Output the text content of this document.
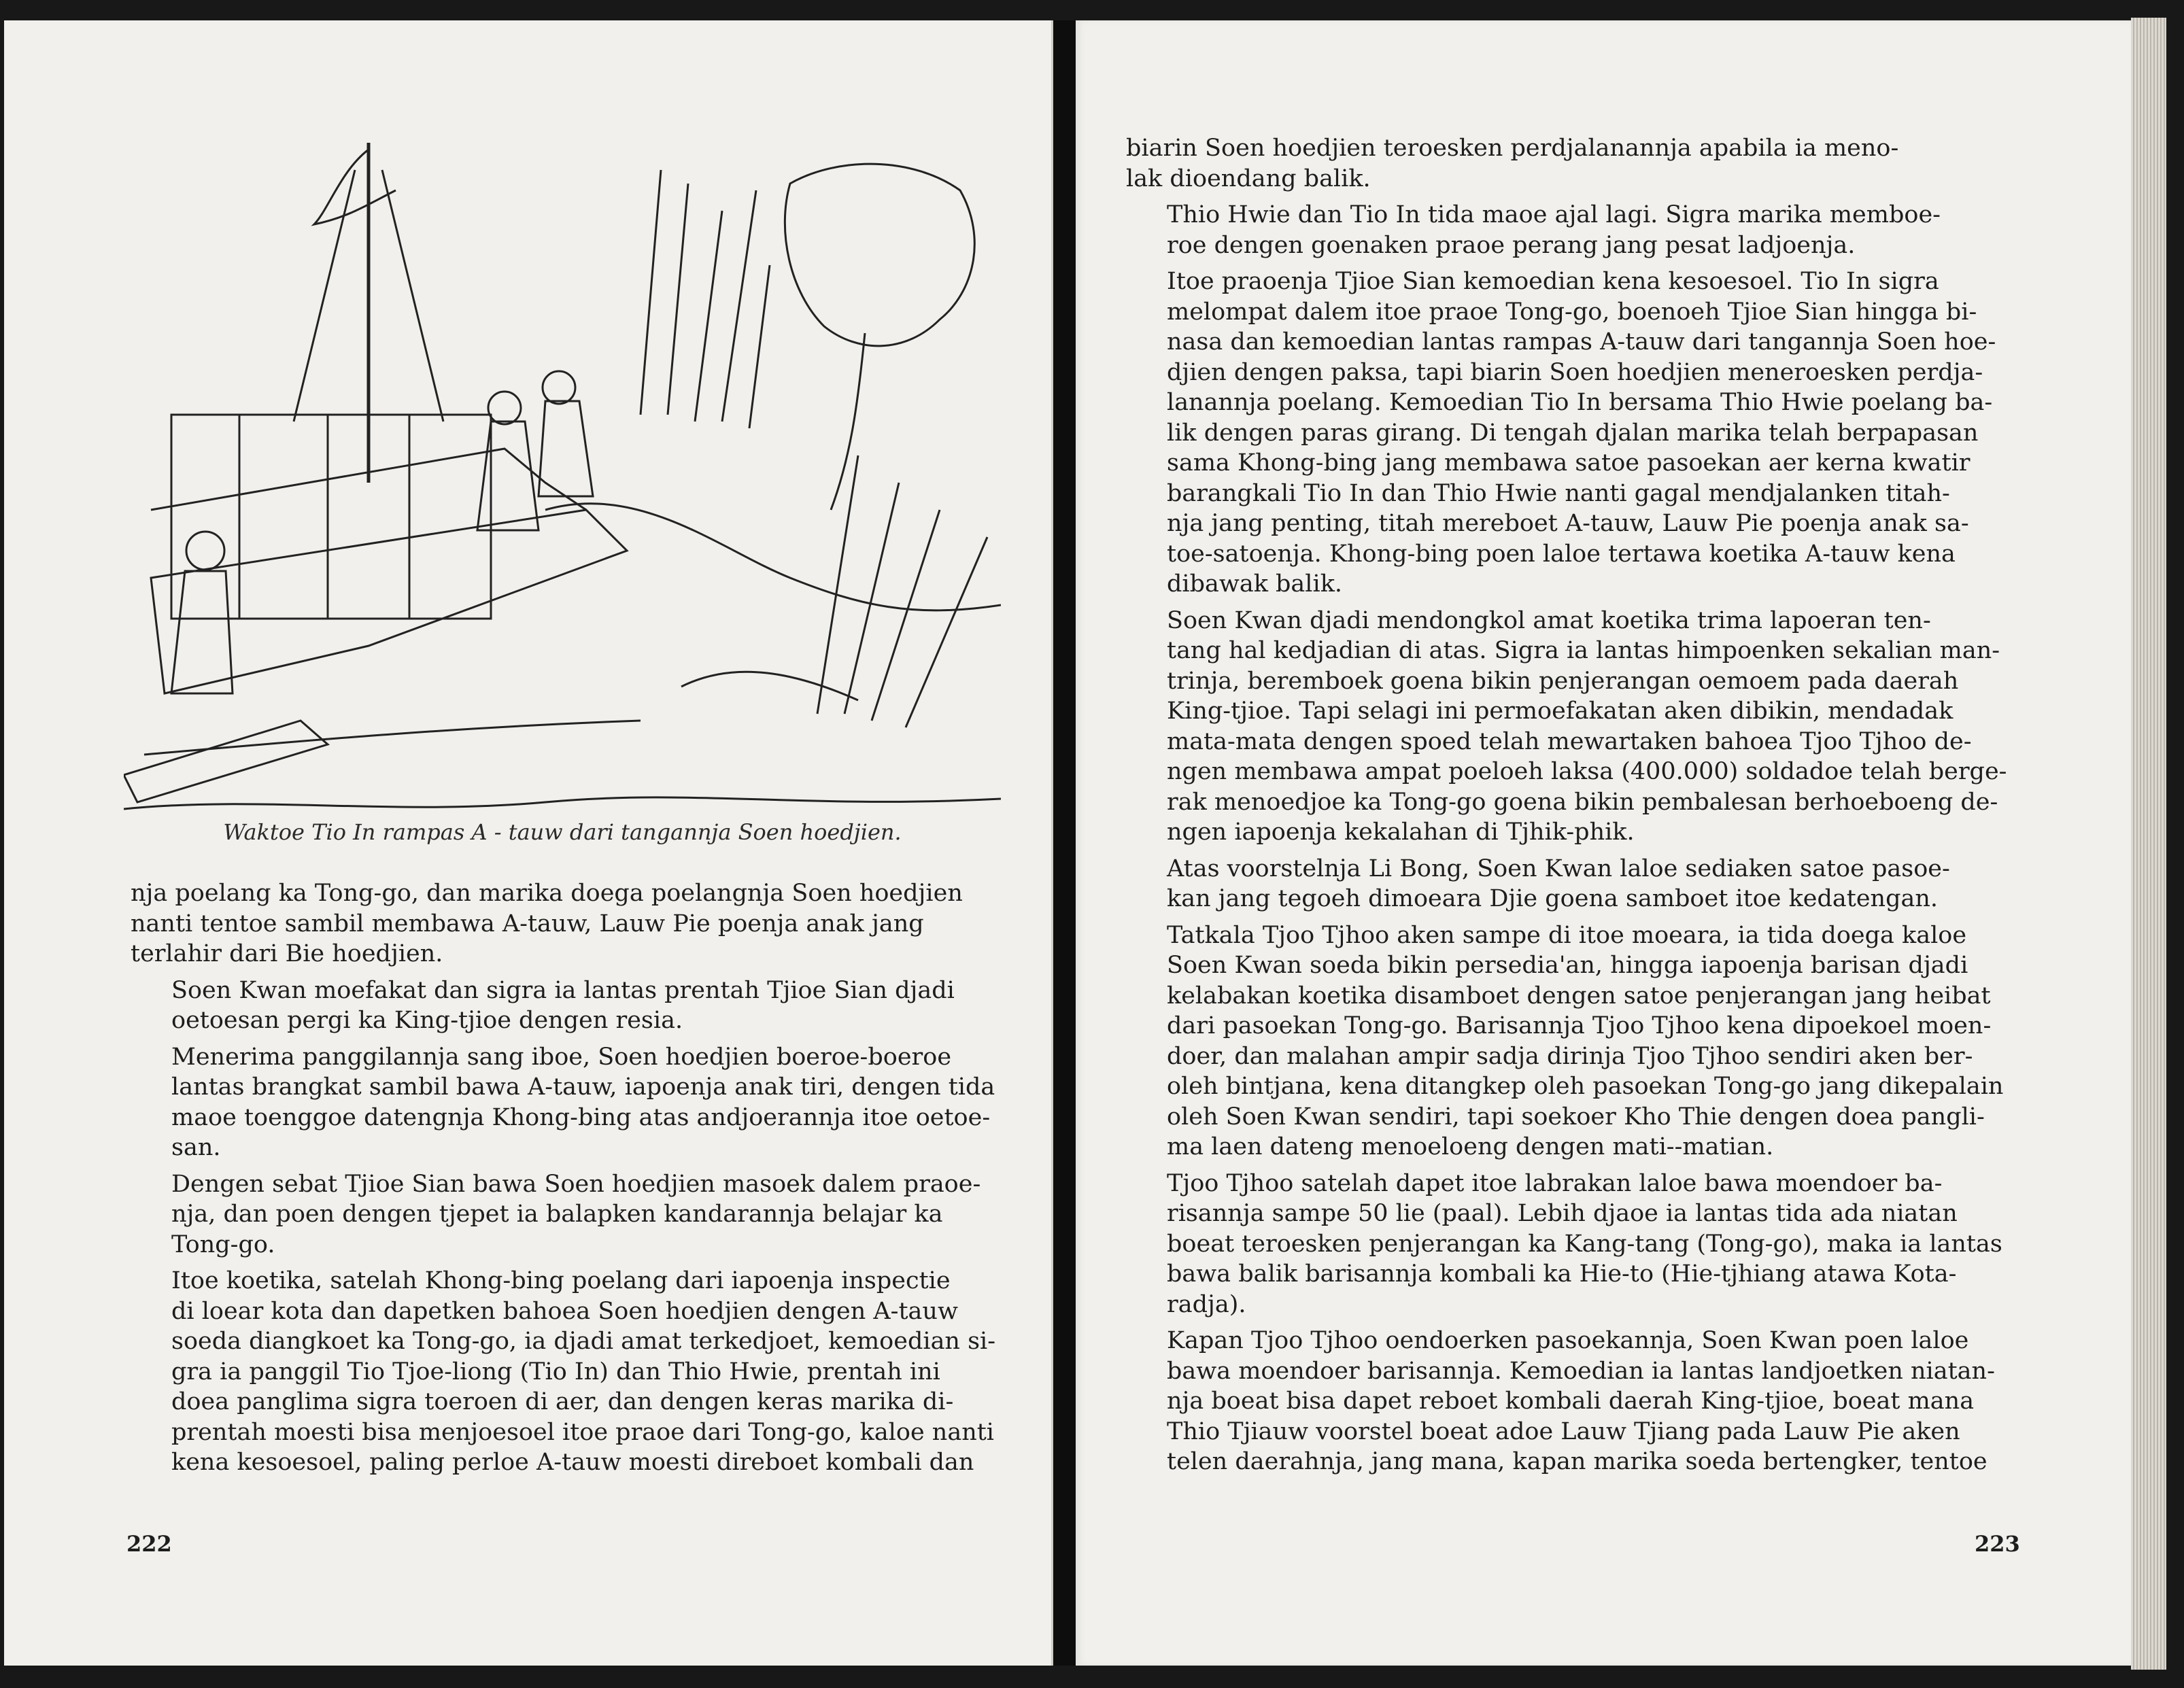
Waktoe Tio In rampas A - tauw dari tangannja Soen hoedjien.

nja poelang ka Tong-go, dan marika doega poelangnja Soen hoedjien
nanti tentoe sambil membawa A-tauw, Lauw Pie poenja anak jang
terlahir dari Bie hoedjien.

Soen Kwan moefakat dan sigra ia lantas prentah Tjioe Sian djadi
oetoesan pergi ka King-tjioe dengen resia.

Menerima panggilannja sang iboe, Soen hoedjien boeroe-boeroe
lantas brangkat sambil bawa A-tauw, iapoenja anak tiri, dengen tida
maoe toenggoe datengnja Khong-bing atas andjoerannja itoe oetoe-
san.

Dengen sebat Tjioe Sian bawa Soen hoedjien masoek dalem praoe-
nja, dan poen dengen tjepet ia balapken kandarannja belajar ka
Tong-go.

Itoe koetika, satelah Khong-bing poelang dari iapoenja inspectie
di loear kota dan dapetken bahoea Soen hoedjien dengen A-tauw
soeda diangkoet ka Tong-go, ia djadi amat terkedjoet, kemoedian si-
gra ia panggil Tio Tjoe-liong (Tio In) dan Thio Hwie, prentah ini
doea panglima sigra toeroen di aer, dan dengen keras marika di-
prentah moesti bisa menjoesoel itoe praoe dari Tong-go, kaloe nanti
kena kesoesoel, paling perloe A-tauw moesti direboet kombali dan

222

biarin Soen hoedjien teroesken perdjalanannja apabila ia meno-
lak dioendang balik.

Thio Hwie dan Tio In tida maoe ajal lagi. Sigra marika memboe-
roe dengen goenaken praoe perang jang pesat ladjoenja.

Itoe praoenja Tjioe Sian kemoedian kena kesoesoel. Tio In sigra
melompat dalem itoe praoe Tong-go, boenoeh Tjioe Sian hingga bi-
nasa dan kemoedian lantas rampas A-tauw dari tangannja Soen hoe-
djien dengen paksa, tapi biarin Soen hoedjien meneroesken perdja-
lanannja poelang. Kemoedian Tio In bersama Thio Hwie poelang ba-
lik dengen paras girang. Di tengah djalan marika telah berpapasan
sama Khong-bing jang membawa satoe pasoekan aer kerna kwatir
barangkali Tio In dan Thio Hwie nanti gagal mendjalanken titah-
nja jang penting, titah mereboet A-tauw, Lauw Pie poenja anak sa-
toe-satoenja. Khong-bing poen laloe tertawa koetika A-tauw kena
dibawak balik.

Soen Kwan djadi mendongkol amat koetika trima lapoeran ten-
tang hal kedjadian di atas. Sigra ia lantas himpoenken sekalian man-
trinja, beremboek goena bikin penjerangan oemoem pada daerah
King-tjioe. Tapi selagi ini permoefakatan aken dibikin, mendadak
mata-mata dengen spoed telah mewartaken bahoea Tjoo Tjhoo de-
ngen membawa ampat poeloeh laksa (400.000) soldadoe telah berge-
rak menoedjoe ka Tong-go goena bikin pembalesan berhoeboeng de-
ngen iapoenja kekalahan di Tjhik-phik.

Atas voorstelnja Li Bong, Soen Kwan laloe sediaken satoe pasoe-
kan jang tegoeh dimoeara Djie goena samboet itoe kedatengan.

Tatkala Tjoo Tjhoo aken sampe di itoe moeara, ia tida doega kaloe
Soen Kwan soeda bikin persedia'an, hingga iapoenja barisan djadi
kelabakan koetika disamboet dengen satoe penjerangan jang heibat
dari pasoekan Tong-go. Barisannja Tjoo Tjhoo kena dipoekoel moen-
doer, dan malahan ampir sadja dirinja Tjoo Tjhoo sendiri aken ber-
oleh bintjana, kena ditangkep oleh pasoekan Tong-go jang dikepalain
oleh Soen Kwan sendiri, tapi soekoer Kho Thie dengen doea pangli-
ma laen dateng menoeloeng dengen mati--matian.

Tjoo Tjhoo satelah dapet itoe labrakan laloe bawa moendoer ba-
risannja sampe 50 lie (paal). Lebih djaoe ia lantas tida ada niatan
boeat teroesken penjerangan ka Kang-tang (Tong-go), maka ia lantas
bawa balik barisannja kombali ka Hie-to (Hie-tjhiang atawa Kota-
radja).

Kapan Tjoo Tjhoo oendoerken pasoekannja, Soen Kwan poen laloe
bawa moendoer barisannja. Kemoedian ia lantas landjoetken niatan-
nja boeat bisa dapet reboet kombali daerah King-tjioe, boeat mana
Thio Tjiauw voorstel boeat adoe Lauw Tjiang pada Lauw Pie aken
telen daerahnja, jang mana, kapan marika soeda bertengker, tentoe

223
